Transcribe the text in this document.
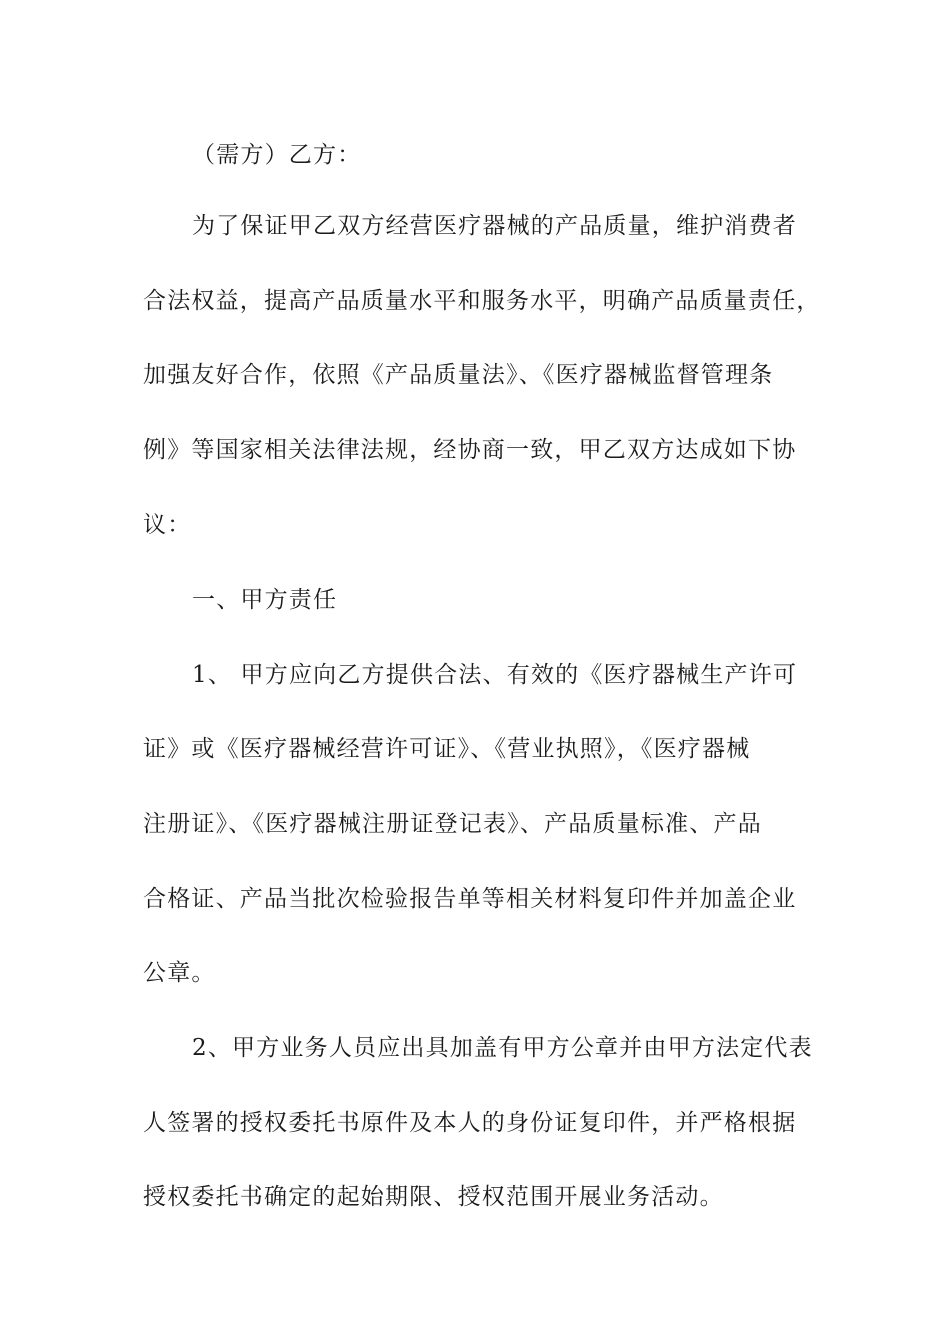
（需方）乙方：

为了保证甲乙双方经营医疗器械的产品质量，维护消费者

合法权益，提高产品质量水平和服务水平，明确产品质量责任，

加强友好合作，依照《产品质量法》、《医疗器械监督管理条

例》等国家相关法律法规，经协商一致，甲乙双方达成如下协

议：

一、甲方责任

1、 甲方应向乙方提供合法、有效的《医疗器械生产许可

证》或《医疗器械经营许可证》、《营业执照》，《医疗器械

注册证》、《医疗器械注册证登记表》、产品质量标准、产品

合格证、产品当批次检验报告单等相关材料复印件并加盖企业

公章。

2、甲方业务人员应出具加盖有甲方公章并由甲方法定代表

人签署的授权委托书原件及本人的身份证复印件，并严格根据

授权委托书确定的起始期限、授权范围开展业务活动。
